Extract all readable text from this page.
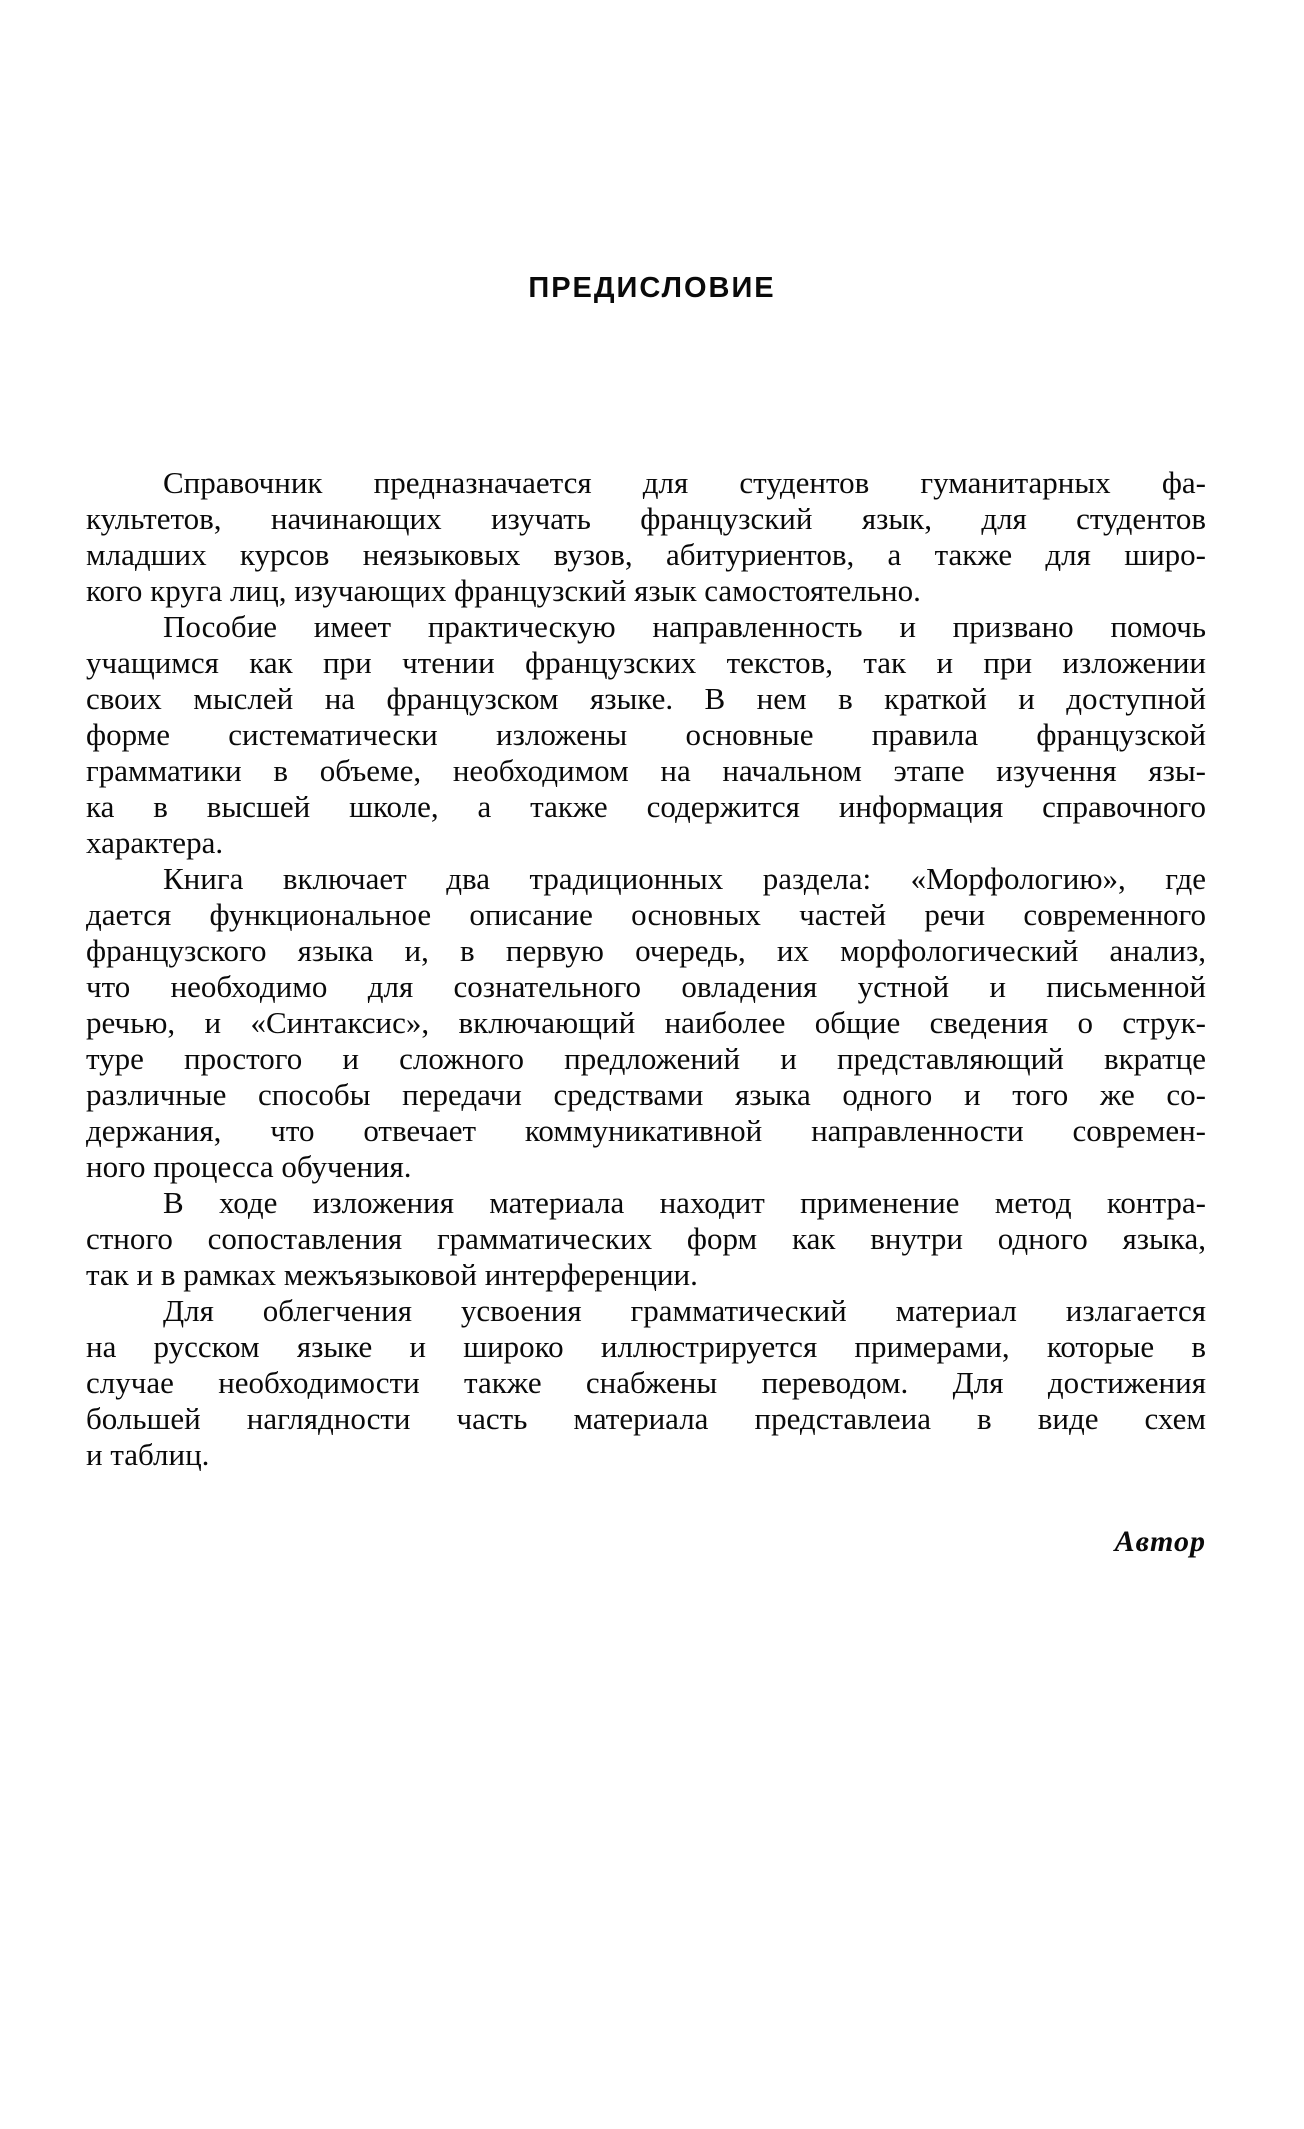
ПРЕДИСЛОВИЕ

Справочник предназначается для студентов гуманитарных фа-
культетов, начинающих изучать французский язык, для студентов
младших курсов неязыковых вузов, абитуриентов, а также для широ-
кого круга лиц, изучающих французский язык самостоятельно.

Пособие имеет практическую направленность и призвано помочь
учащимся как при чтении французских текстов, так и при изложении
своих мыслей на французском языке. В нем в краткой и доступной
форме систематически изложены основные правила французской
грамматики в объеме, необходимом на начальном этапе изучення язы-
ка в высшей школе, а также содержится информация справочного
характера.

Книга включает два традиционных раздела: «Морфологию», где
дается функциональное описание основных частей речи современного
французского языка и, в первую очередь, их морфологический анализ,
что необходимо для сознательного овладения устной и письменной
речью, и «Синтаксис», включающий наиболее общие сведения о струк-
туре простого и сложного предложений и представляющий вкратце
различные способы передачи средствами языка одного и того же со-
держания, что отвечает коммуникативной направленности современ-
ного процесса обучения.

В ходе изложения материала находит применение метод контра-
стного сопоставления грамматических форм как внутри одного языка,
так и в рамках межъязыковой интерференции.

Для облегчения усвоения грамматический материал излагается
на русском языке и широко иллюстрируется примерами, которые в
случае необходимости также снабжены переводом. Для достижения
большей наглядности часть материала представлеиа в виде схем
и таблиц.

Автор
